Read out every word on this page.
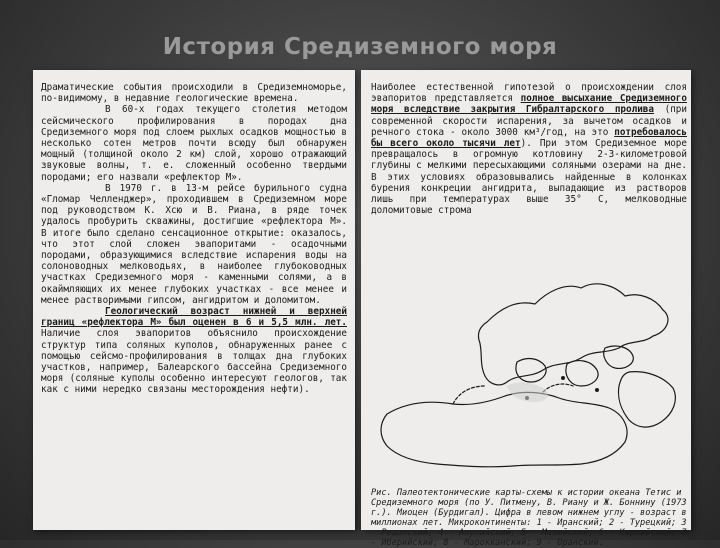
История Средиземного моря

Драматические события происходили в Средиземноморье, по-видимому, в недавние геологические времена.

В 60-х годах текущего столетия методом сейсмического профилирования в породах дна Средиземного моря под слоем рыхлых осадков мощностью в несколько сотен метров почти всюду был обнаружен мощный (толщиной около 2 км) слой, хорошо отражающий звуковые волны, т. е. сложенный особенно твердыми породами; его назвали «рефлектор М».

В 1970 г. в 13-м рейсе бурильного судна «Гломар Челленджер», проходившем в Средиземном море под руководством К. Хсю и В. Риана, в ряде точек удалось пробурить скважины, достигшие «рефлектора М». В итоге было сделано сенсационное открытие: оказалось, что этот слой сложен эвапоритами - осадочными породами, образующимися вследствие испарения воды на солоноводных мелководьях, в наиболее глубоководных участках Средиземного моря - каменными солями, а в окаймляющих их менее глубоких участках - все менее и менее растворимыми гипсом, ангидритом и доломитом.

Геологический возраст нижней и верхней границ «рефлектора М» был оценен в 6 и 5,5 млн. лет. Наличие слоя эвапоритов объяснило происхождение структур типа соляных куполов, обнаруженных ранее с помощью сейсмо-профилирования в толщах дна глубоких участков, например, Балеарского бассейна Средиземного моря (соляные куполы особенно интересуют геологов, так как с ними нередко связаны месторождения нефти).

Наиболее естественной гипотезой о происхождении слоя эвапоритов представляется полное высыхание Средиземного моря вследствие закрытия Гибралтарского пролива (при современной скорости испарения, за вычетом осадков и речного стока - около 3000 км³/год, на это потребовалось бы всего около тысячи лет). При этом Средиземное море превращалось в огромную котловину 2-3-километровой глубины с мелкими пересыхающими соляными озерами на дне. В этих условиях образовывались найденные в колонках бурения конкреции ангидрита, выпадающие из растворов лишь при температурах выше 35° С, мелководные доломитовые строма

Рис. Палеотектонические карты-схемы к истории океана Тетис и Средиземного моря (по У. Питмену, В. Риану и Ж. Боннину (1973 г.). Миоцен (Бурдигал). Цифра в левом нижнем углу - возраст в миллионах лет. Микроконтиненты: 1 - Иранский; 2 - Турецкий; 3 - Родопский; 4 - Апулийский; 5 - Мозийский; 6 - Карнийский; 7 - Иберийский; 8 - Марокканский; 9 - Оранский.
